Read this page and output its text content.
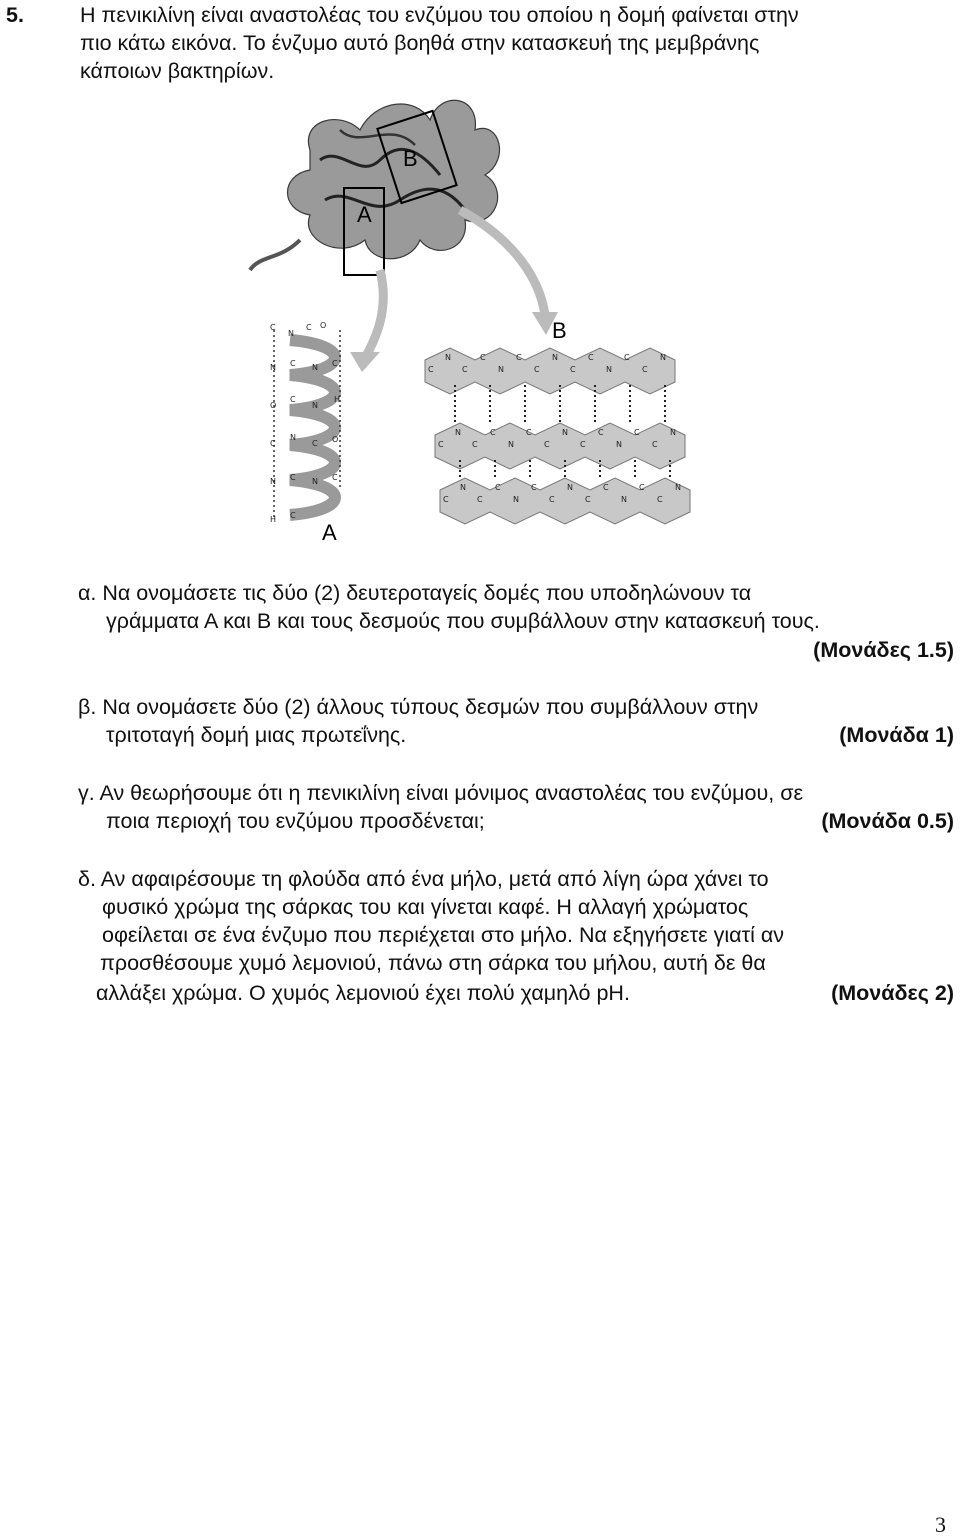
5.	Η πενικιλίνη είναι αναστολέας του ενζύμου του οποίου η δομή φαίνεται στην
πιο κάτω εικόνα. Το ένζυμο αυτό βοηθά στην κατασκευή της μεμβράνης
κάποιων βακτηρίων.
A
B
C
N
C O
N C N C
O
C
N
H
C
N
C O
N C N C
H C
A
C
N
C
C
N
C
C
N
C
C
N
C
C
N
C
N
C
C
N
C
C
N
C
C
N
C
C
N
C
N
C
C
N
C
C
N
C
C
N
C
C
N
B
α. Να ονομάσετε τις δύο (2) δευτεροταγείς δομές που υποδηλώνουν τα
γράμματα Α και Β και τους δεσμούς που συμβάλλουν στην κατασκευή τους.
(Μονάδες 1.5)
β. Να ονομάσετε δύο (2) άλλους τύπους δεσμών που συμβάλλουν στην
τριτοταγή δομή μιας πρωτεΐνης.	(Μονάδα 1)
γ. Αν θεωρήσουμε ότι η πενικιλίνη είναι μόνιμος αναστολέας του ενζύμου, σε
ποια περιοχή του ενζύμου προσδένεται;	(Μονάδα 0.5)
δ. Αν αφαιρέσουμε τη φλούδα από ένα μήλο, μετά από λίγη ώρα χάνει το
φυσικό χρώμα της σάρκας του και γίνεται καφέ. Η αλλαγή χρώματος
οφείλεται σε ένα ένζυμο που περιέχεται στο μήλο. Να εξηγήσετε γιατί αν
προσθέσουμε χυμό λεμονιού, πάνω στη σάρκα του μήλου, αυτή δε θα
αλλάξει χρώμα. Ο χυμός λεμονιού έχει πολύ χαμηλό pH.	(Μονάδες 2)
3
